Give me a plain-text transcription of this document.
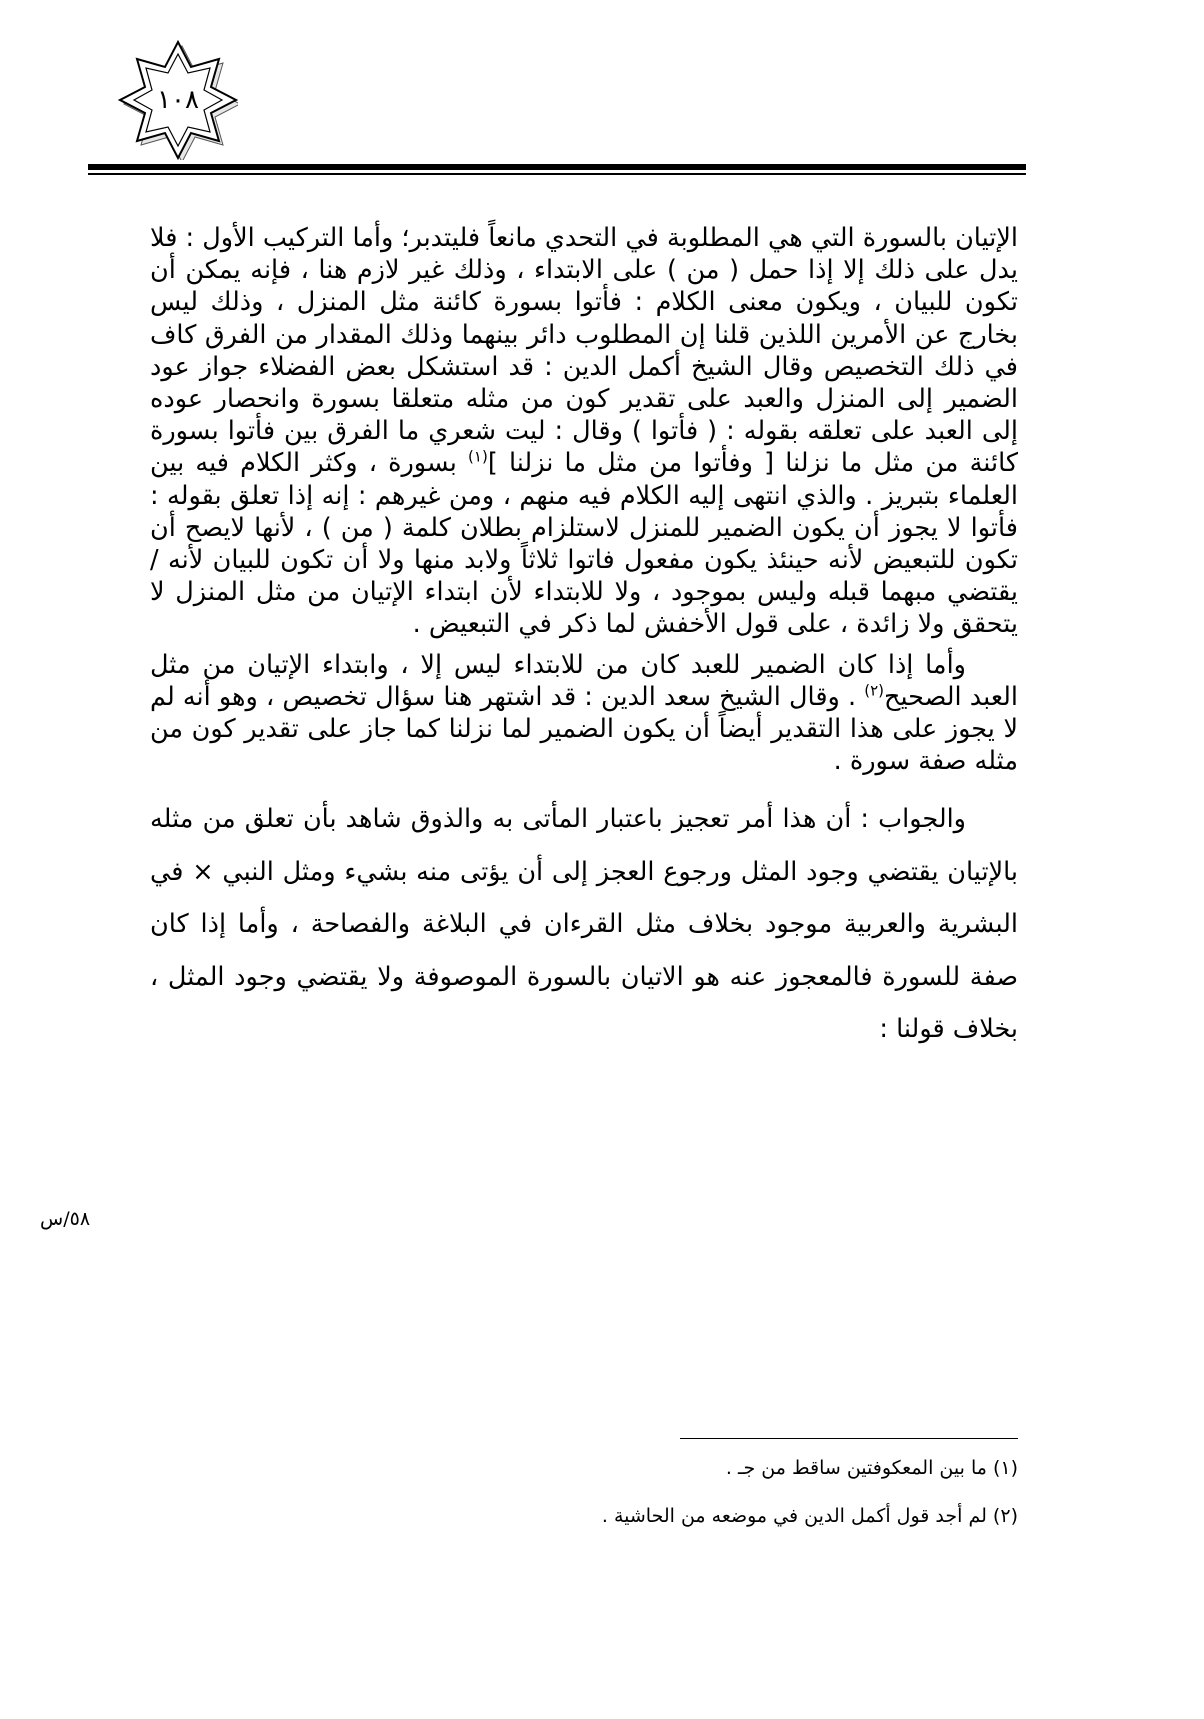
١٠٨

الإتيان بالسورة التي هي المطلوبة في التحدي مانعاً فليتدبر؛ وأما التركيب الأول : فلا يدل على ذلك إلا إذا حمل ( من ) على الابتداء ، وذلك غير لازم هنا ، فإنه يمكن أن تكون للبيان ، ويكون معنى الكلام : فأتوا بسورة كائنة مثل المنزل ، وذلك ليس بخارج عن الأمرين اللذين قلنا إن المطلوب دائر بينهما وذلك المقدار من الفرق كاف في ذلك التخصيص وقال الشيخ أكمل الدين : قد استشكل بعض الفضلاء جواز عود الضمير إلى المنزل والعبد على تقدير كون من مثله متعلقا بسورة وانحصار عوده إلى العبد على تعلقه بقوله : ( فأتوا ) وقال : ليت شعري ما الفرق بين فأتوا بسورة كائنة من مثل ما نزلنا [ وفأتوا من مثل ما نزلنا ]$^{(١)}$ بسورة ، وكثر الكلام فيه بين العلماء بتبريز . والذي انتهى إليه الكلام فيه منهم ، ومن غيرهم : إنه إذا تعلق بقوله : فأتوا لا يجوز أن يكون الضمير للمنزل لاستلزام بطلان كلمة ( من ) ، لأنها لايصح أن تكون للتبعيض لأنه حينئذ يكون مفعول فاتوا ثلاثاً ولابد منها ولا أن تكون للبيان لأنه / يقتضي مبهما قبله وليس بموجود ، ولا للابتداء لأن ابتداء الإتيان من مثل المنزل لا يتحقق ولا زائدة ، على قول الأخفش لما ذكر في التبعيض .

وأما إذا كان الضمير للعبد كان من للابتداء ليس إلا ، وابتداء الإتيان من مثل العبد الصحيح$^{(٢)}$ . وقال الشيخ سعد الدين : قد اشتهر هنا سؤال تخصيص ، وهو أنه لم لا يجوز على هذا التقدير أيضاً أن يكون الضمير لما نزلنا كما جاز على تقدير كون من مثله صفة سورة .

والجواب : أن هذا أمر تعجيز باعتبار المأتى به والذوق شاهد بأن تعلق من مثله بالإتيان يقتضي وجود المثل ورجوع العجز إلى أن يؤتى منه بشيء ومثل النبي × في البشرية والعربية موجود بخلاف مثل القرءان في البلاغة والفصاحة ، وأما إذا كان صفة للسورة فالمعجوز عنه هو الاتيان بالسورة الموصوفة ولا يقتضي وجود المثل ، بخلاف قولنا :

٥٨/س

(١) ما بين المعكوفتين ساقط من جـ .

(٢) لم أجد قول أكمل الدين في موضعه من الحاشية .
